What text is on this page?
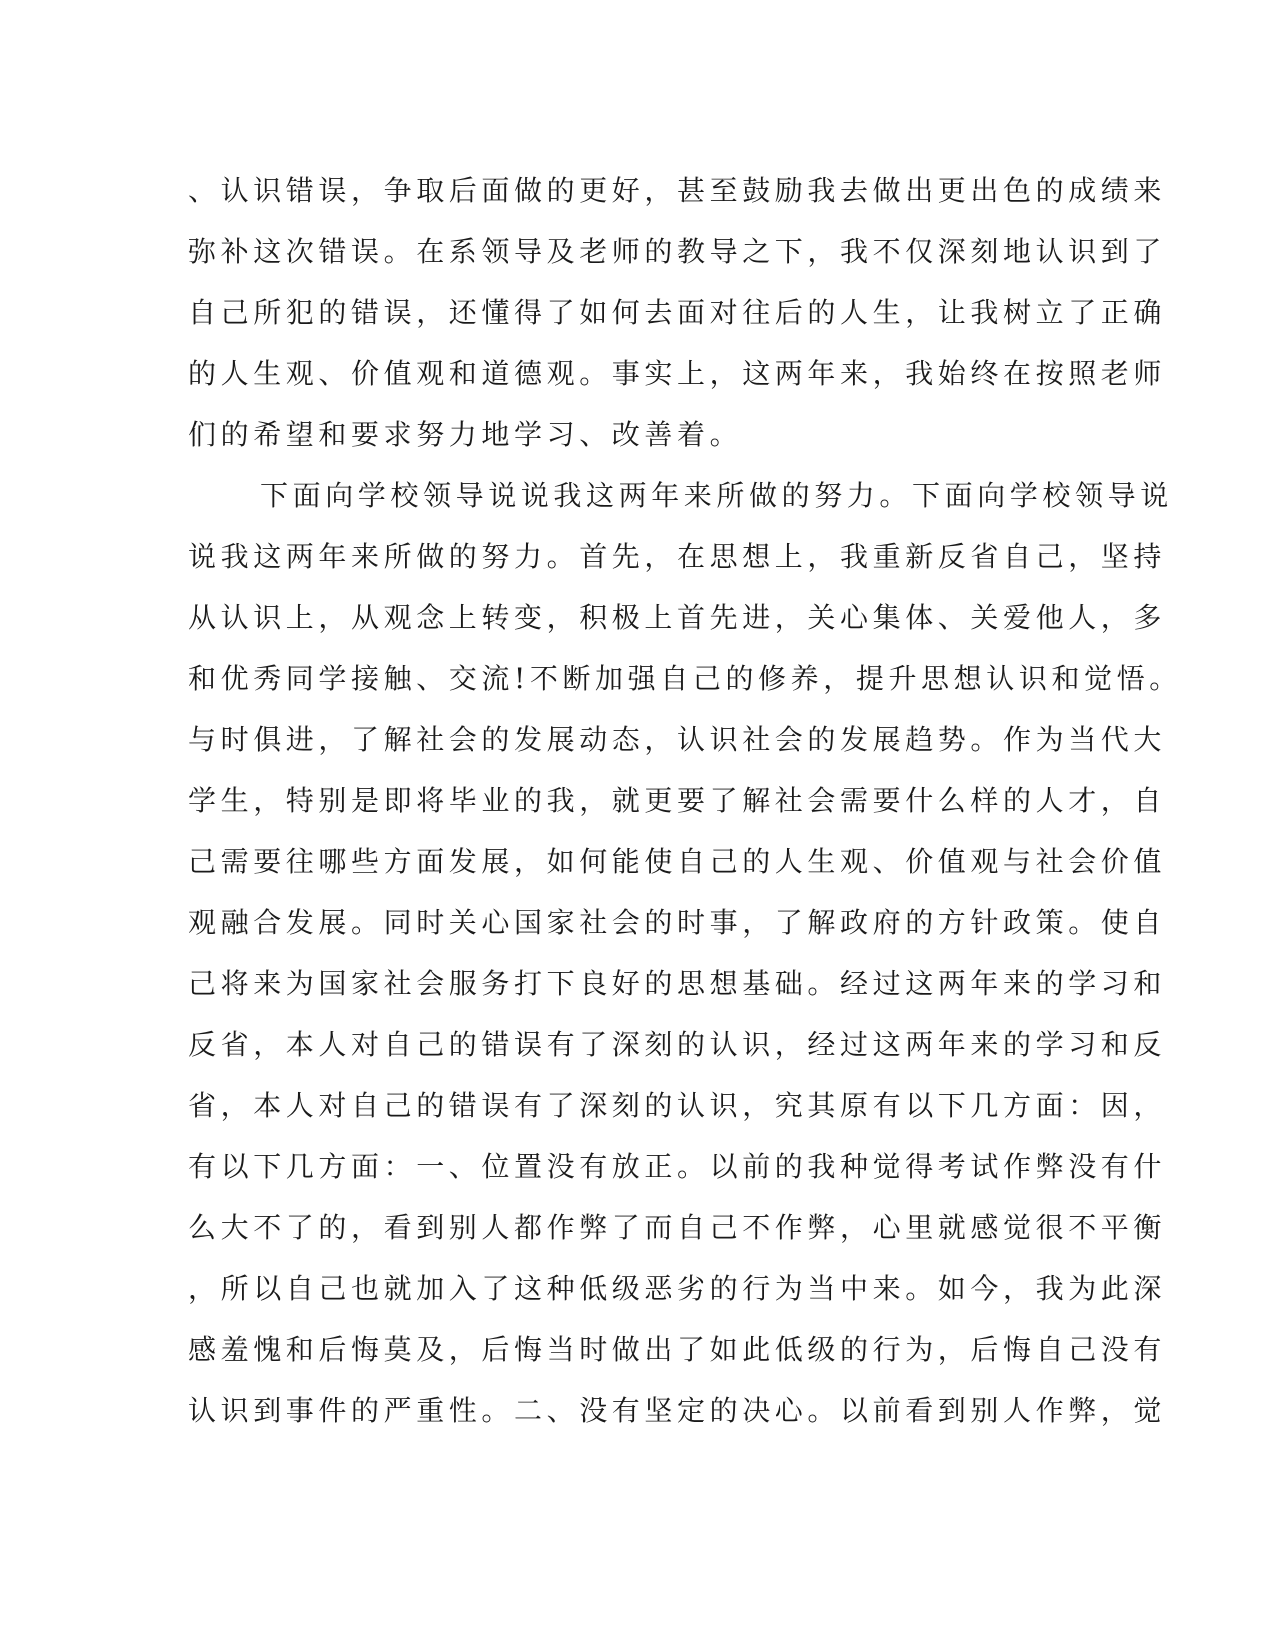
、认识错误，争取后面做的更好，甚至鼓励我去做出更出色的成绩来
弥补这次错误。在系领导及老师的教导之下，我不仅深刻地认识到了
自己所犯的错误，还懂得了如何去面对往后的人生，让我树立了正确
的人生观、价值观和道德观。事实上，这两年来，我始终在按照老师
们的希望和要求努力地学习、改善着。
下面向学校领导说说我这两年来所做的努力。下面向学校领导说
说我这两年来所做的努力。首先，在思想上，我重新反省自己，坚持
从认识上，从观念上转变，积极上首先进，关心集体、关爱他人，多
和优秀同学接触、交流!不断加强自己的修养，提升思想认识和觉悟。
与时俱进，了解社会的发展动态，认识社会的发展趋势。作为当代大
学生，特别是即将毕业的我，就更要了解社会需要什么样的人才，自
己需要往哪些方面发展，如何能使自己的人生观、价值观与社会价值
观融合发展。同时关心国家社会的时事，了解政府的方针政策。使自
己将来为国家社会服务打下良好的思想基础。经过这两年来的学习和
反省，本人对自己的错误有了深刻的认识，经过这两年来的学习和反
省，本人对自己的错误有了深刻的认识，究其原有以下几方面：因，
有以下几方面：一、位置没有放正。以前的我种觉得考试作弊没有什
么大不了的，看到别人都作弊了而自己不作弊，心里就感觉很不平衡
，所以自己也就加入了这种低级恶劣的行为当中来。如今，我为此深
感羞愧和后悔莫及，后悔当时做出了如此低级的行为，后悔自己没有
认识到事件的严重性。二、没有坚定的决心。以前看到别人作弊，觉
